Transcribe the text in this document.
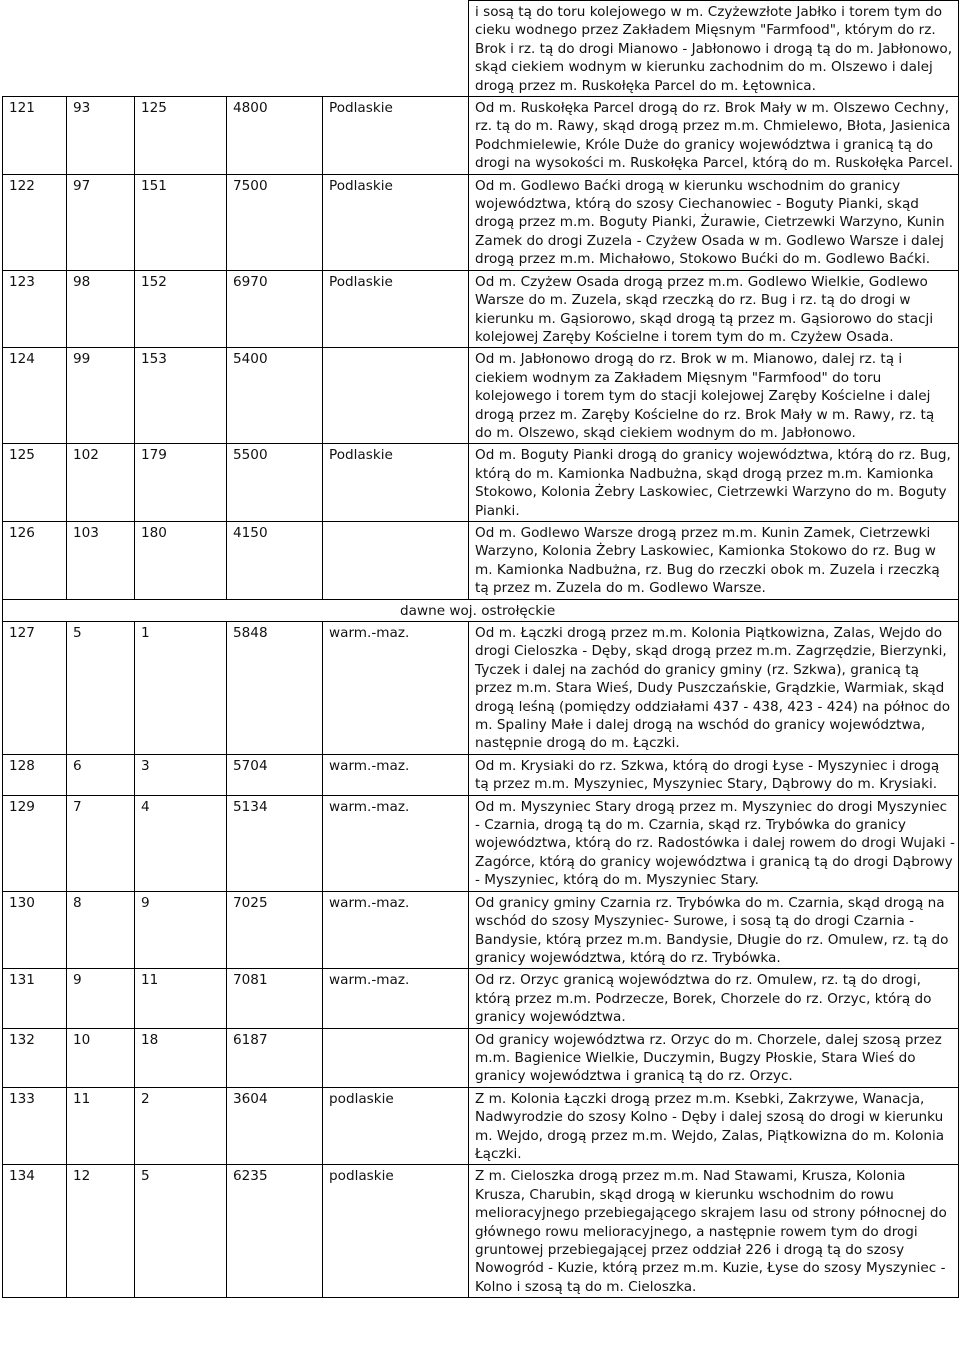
					i sosą tą do toru kolejowego w m. Czyżewzłote Jabłko i torem tym do cieku wodnego przez Zakładem Mięsnym "Farmfood", którym do rz. Brok i rz. tą do drogi Mianowo - Jabłonowo i drogą tą do m. Jabłonowo, skąd ciekiem wodnym w kierunku zachodnim do m. Olszewo i dalej drogą przez m. Ruskołęka Parcel do m. Łętownica.
121	93	125	4800	Podlaskie	Od m. Ruskołęka Parcel drogą do rz. Brok Mały w m. Olszewo Cechny, rz. tą do m. Rawy, skąd drogą przez m.m. Chmielewo, Błota, Jasienica Podchmielewie, Króle Duże do granicy województwa i granicą tą do drogi na wysokości m. Ruskołęka Parcel, którą do m. Ruskołęka Parcel.
122	97	151	7500	Podlaskie	Od m. Godlewo Baćki drogą w kierunku wschodnim do granicy województwa, którą do szosy Ciechanowiec - Boguty Pianki, skąd drogą przez m.m. Boguty Pianki, Żurawie, Cietrzewki Warzyno, Kunin Zamek do drogi Zuzela - Czyżew Osada w m. Godlewo Warsze i dalej drogą przez m.m. Michałowo, Stokowo Bućki do m. Godlewo Baćki.
123	98	152	6970	Podlaskie	Od m. Czyżew Osada drogą przez m.m. Godlewo Wielkie, Godlewo Warsze do m. Zuzela, skąd rzeczką do rz. Bug i rz. tą do drogi w kierunku m. Gąsiorowo, skąd drogą tą przez m. Gąsiorowo do stacji kolejowej Zaręby Kościelne i torem tym do m. Czyżew Osada.
124	99	153	5400		Od m. Jabłonowo drogą do rz. Brok w m. Mianowo, dalej rz. tą i ciekiem wodnym za Zakładem Mięsnym "Farmfood" do toru kolejowego i torem tym do stacji kolejowej Zaręby Kościelne i dalej drogą przez m. Zaręby Kościelne do rz. Brok Mały w m. Rawy, rz. tą do m. Olszewo, skąd ciekiem wodnym do m. Jabłonowo.
125	102	179	5500	Podlaskie	Od m. Boguty Pianki drogą do granicy województwa, którą do rz. Bug, którą do m. Kamionka Nadbużna, skąd drogą przez m.m. Kamionka Stokowo, Kolonia Żebry Laskowiec, Cietrzewki Warzyno do m. Boguty Pianki.
126	103	180	4150		Od m. Godlewo Warsze drogą przez m.m. Kunin Zamek, Cietrzewki Warzyno, Kolonia Żebry Laskowiec, Kamionka Stokowo do rz. Bug w m. Kamionka Nadbużna, rz. Bug do rzeczki obok m. Zuzela i rzeczką tą przez m. Zuzela do m. Godlewo Warsze.
dawne woj. ostrołęckie					
127	5	1	5848	warm.-maz.	Od m. Łączki drogą przez m.m. Kolonia Piątkowizna, Zalas, Wejdo do drogi Cieloszka - Dęby, skąd drogą przez m.m. Zagrzędzie, Bierzynki, Tyczek i dalej na zachód do granicy gminy (rz. Szkwa), granicą tą przez m.m. Stara Wieś, Dudy Puszczańskie, Grądzkie, Warmiak, skąd drogą leśną (pomiędzy oddziałami 437 - 438, 423 - 424) na północ do m. Spaliny Małe i dalej drogą na wschód do granicy województwa, następnie drogą do m. Łączki.
128	6	3	5704	warm.-maz.	Od m. Krysiaki do rz. Szkwa, którą do drogi Łyse - Myszyniec i drogą tą przez m.m. Myszyniec, Myszyniec Stary, Dąbrowy do m. Krysiaki.
129	7	4	5134	warm.-maz.	Od m. Myszyniec Stary drogą przez m. Myszyniec do drogi Myszyniec - Czarnia, drogą tą do m. Czarnia, skąd rz. Trybówka do granicy województwa, którą do rz. Radostówka i dalej rowem do drogi Wujaki - Zagórce, którą do granicy województwa i granicą tą do drogi Dąbrowy - Myszyniec, którą do m. Myszyniec Stary.
130	8	9	7025	warm.-maz.	Od granicy gminy Czarnia rz. Trybówka do m. Czarnia, skąd drogą na wschód do szosy Myszyniec- Surowe, i sosą tą do drogi Czarnia - Bandysie, którą przez m.m. Bandysie, Długie do rz. Omulew, rz. tą do granicy województwa, którą do rz. Trybówka.
131	9	11	7081	warm.-maz.	Od rz. Orzyc granicą województwa do rz. Omulew, rz. tą do drogi, którą przez m.m. Podrzecze, Borek, Chorzele do rz. Orzyc, którą do granicy województwa.
132	10	18	6187		Od granicy województwa rz. Orzyc do m. Chorzele, dalej szosą przez m.m. Bagienice Wielkie, Duczymin, Bugzy Płoskie, Stara Wieś do granicy województwa i granicą tą do rz. Orzyc.
133	11	2	3604	podlaskie	Z m. Kolonia Łączki drogą przez m.m. Ksebki, Zakrzywe, Wanacja, Nadwyrodzie do szosy Kolno - Dęby i dalej szosą do drogi w kierunku m. Wejdo, drogą przez m.m. Wejdo, Zalas, Piątkowizna do m. Kolonia Łączki.
134	12	5	6235	podlaskie	Z m. Cieloszka drogą przez m.m. Nad Stawami, Krusza, Kolonia Krusza, Charubin, skąd drogą w kierunku wschodnim do rowu melioracyjnego przebiegającego skrajem lasu od strony północnej do głównego rowu melioracyjnego, a następnie rowem tym do drogi gruntowej przebiegającej przez oddział 226 i drogą tą do szosy Nowogród - Kuzie, którą przez m.m. Kuzie, Łyse do szosy Myszyniec - Kolno i szosą tą do m. Cieloszka.
